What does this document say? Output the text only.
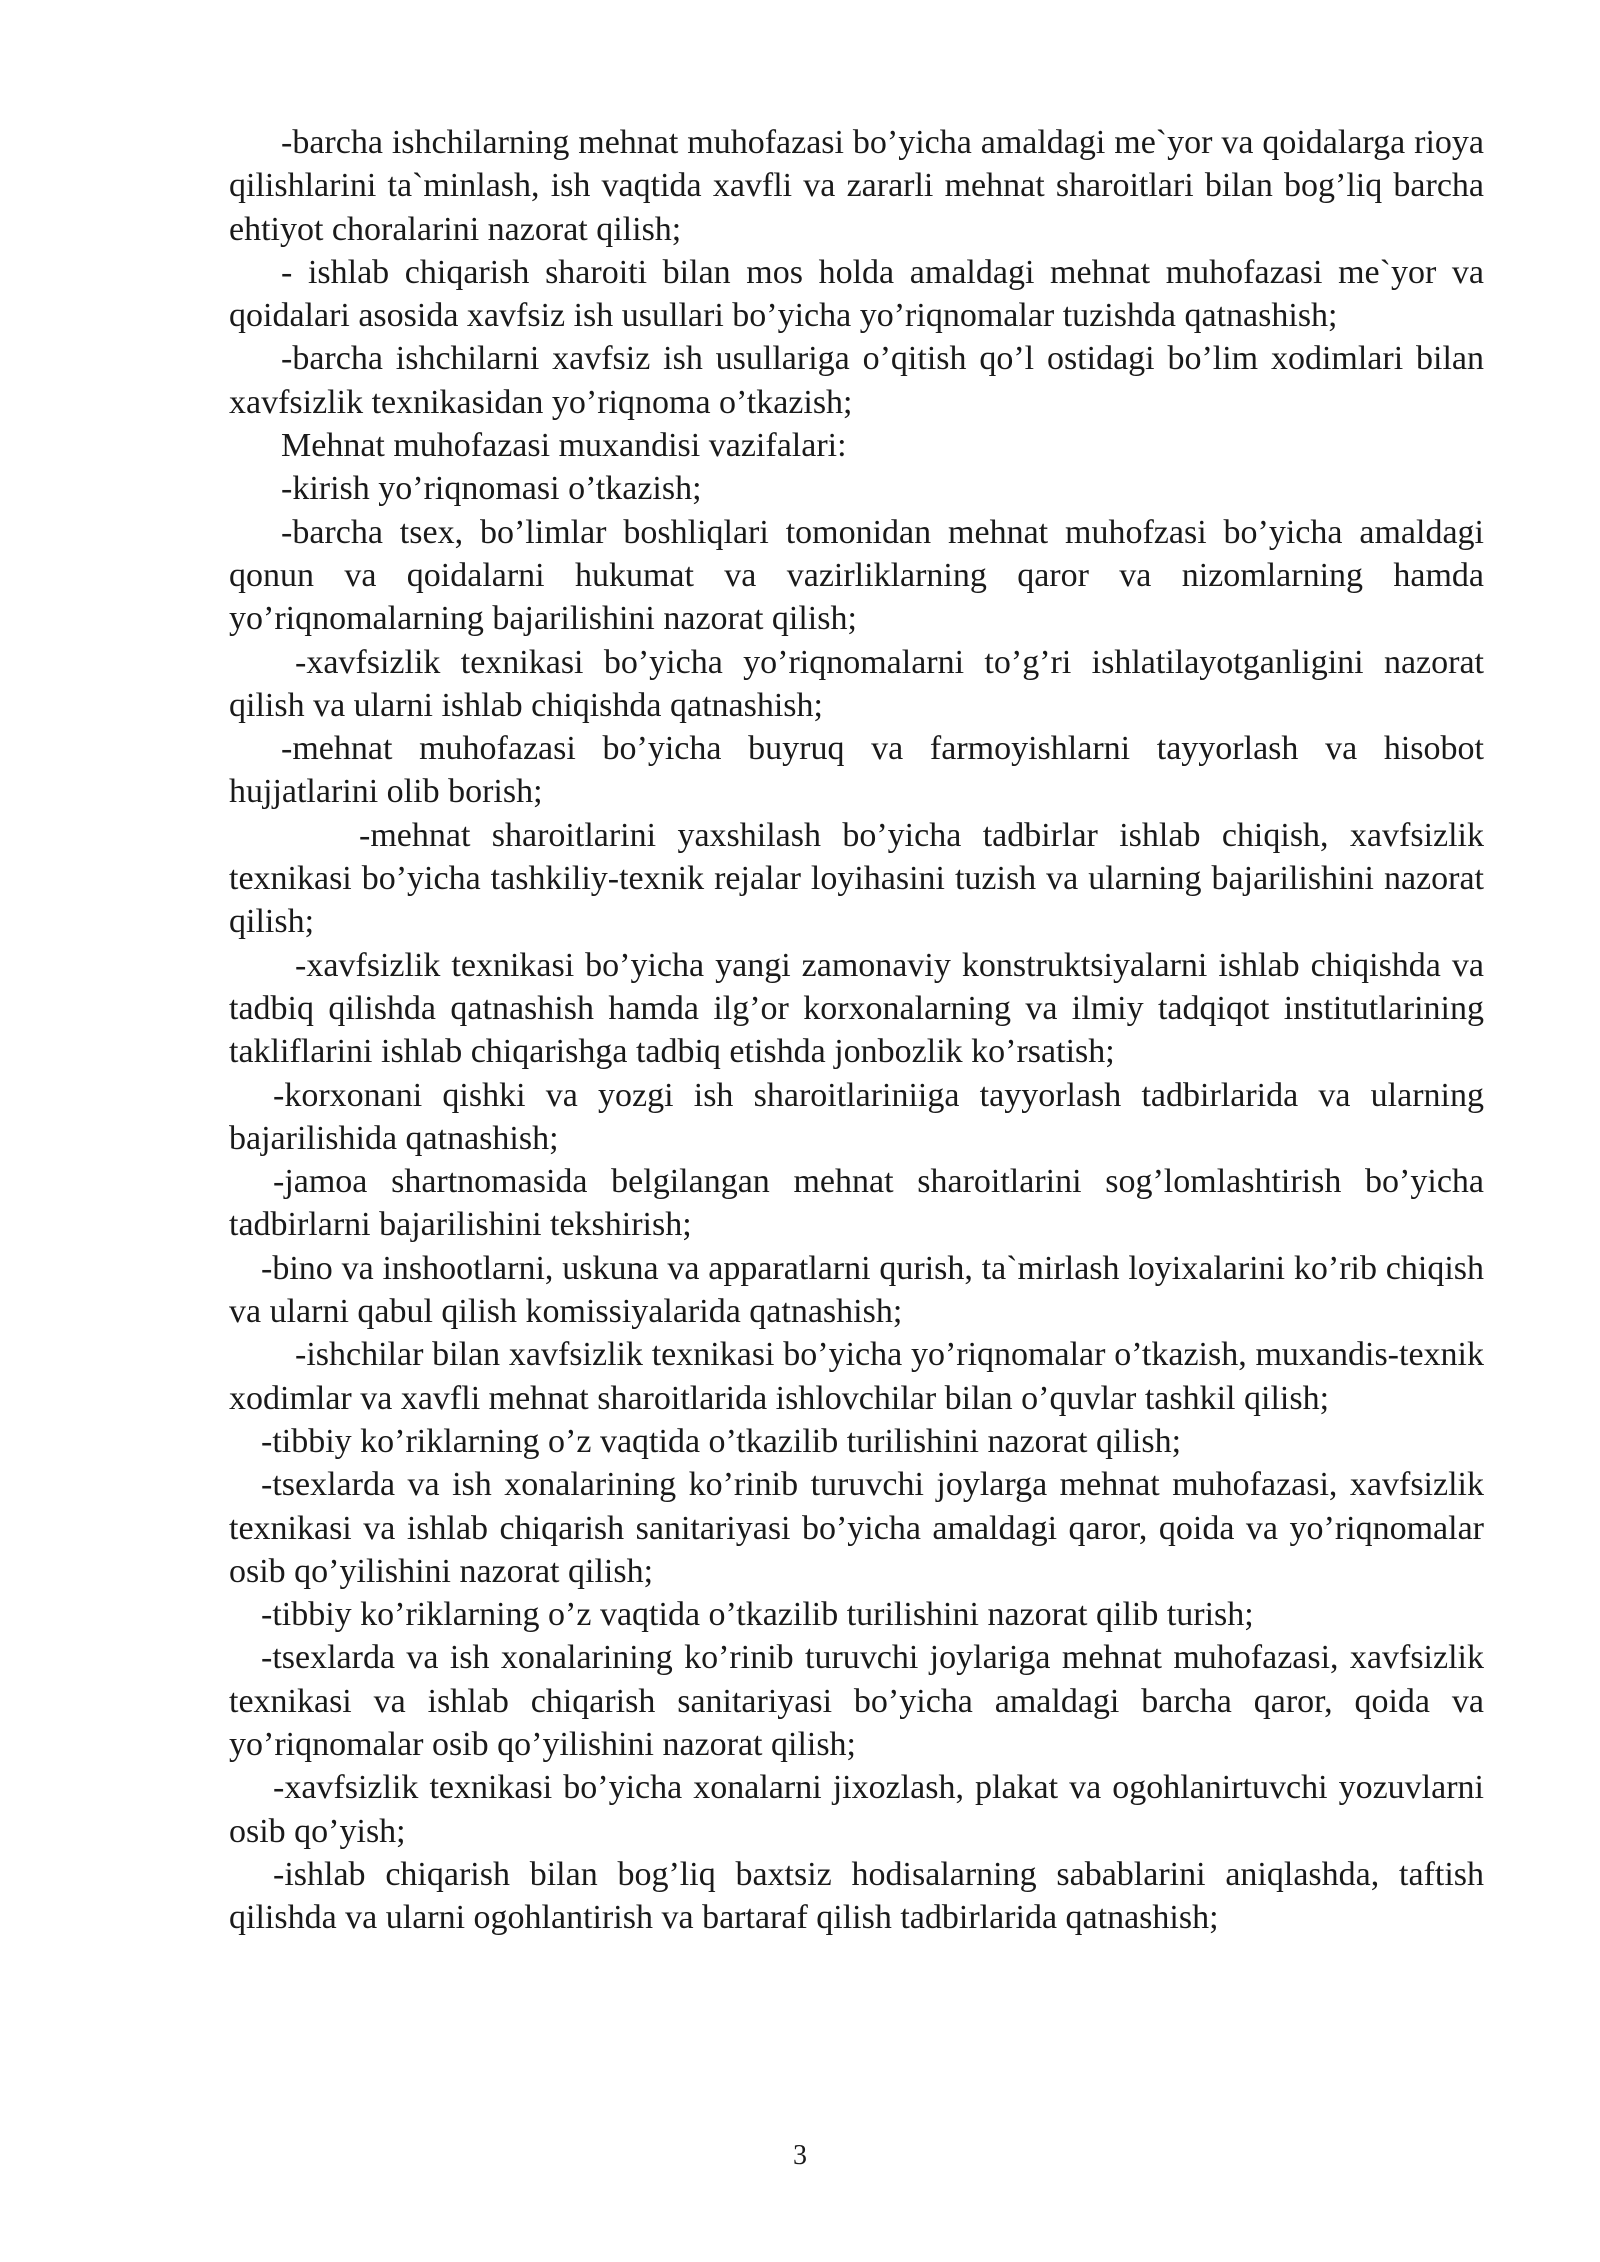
-barcha ishchilarning mehnat muhofazasi bo’yicha amaldagi me`yor va qoidalarga rioya qilishlarini ta`minlash, ish vaqtida xavfli va zararli mehnat sharoitlari bilan bog’liq barcha ehtiyot choralarini nazorat qilish;

- ishlab chiqarish sharoiti bilan mos holda amaldagi mehnat muhofazasi me`yor va qoidalari asosida xavfsiz ish usullari bo’yicha yo’riqnomalar tuzishda qatnashish;

-barcha ishchilarni xavfsiz ish usullariga o’qitish qo’l ostidagi bo’lim xodimlari bilan xavfsizlik texnikasidan yo’riqnoma o’tkazish;

Mehnat muhofazasi muxandisi vazifalari:

-kirish yo’riqnomasi o’tkazish;

-barcha tsex, bo’limlar boshliqlari tomonidan mehnat muhofzasi bo’yicha amaldagi qonun va qoidalarni hukumat va vazirliklarning qaror va nizomlarning hamda yo’riqnomalarning bajarilishini nazorat qilish;

-xavfsizlik texnikasi bo’yicha yo’riqnomalarni to’g’ri ishlatilayotganligini nazorat qilish va ularni ishlab chiqishda qatnashish;

-mehnat muhofazasi bo’yicha buyruq va farmoyishlarni tayyorlash va hisobot hujjatlarini olib borish;

-mehnat sharoitlarini yaxshilash bo’yicha tadbirlar ishlab chiqish, xavfsizlik texnikasi bo’yicha tashkiliy-texnik rejalar loyihasini tuzish va ularning bajarilishini nazorat qilish;

-xavfsizlik texnikasi bo’yicha yangi zamonaviy konstruktsiyalarni ishlab chiqishda va tadbiq qilishda qatnashish hamda ilg’or korxonalarning va ilmiy tadqiqot institutlarining takliflarini ishlab chiqarishga tadbiq etishda jonbozlik ko’rsatish;

-korxonani qishki va yozgi ish sharoitlariniiga tayyorlash tadbirlarida va ularning bajarilishida qatnashish;

-jamoa shartnomasida belgilangan mehnat sharoitlarini sog’lomlashtirish bo’yicha tadbirlarni bajarilishini tekshirish;

-bino va inshootlarni, uskuna va apparatlarni qurish, ta`mirlash loyixalarini ko’rib chiqish va ularni qabul qilish komissiyalarida qatnashish;

-ishchilar bilan xavfsizlik texnikasi bo’yicha yo’riqnomalar o’tkazish, muxandis-texnik xodimlar va xavfli mehnat sharoitlarida ishlovchilar bilan o’quvlar tashkil qilish;

-tibbiy ko’riklarning o’z vaqtida o’tkazilib turilishini nazorat qilish;

-tsexlarda va ish xonalarining ko’rinib turuvchi joylarga mehnat muhofazasi, xavfsizlik texnikasi va ishlab chiqarish sanitariyasi bo’yicha amaldagi qaror, qoida va yo’riqnomalar osib qo’yilishini nazorat qilish;

-tibbiy ko’riklarning o’z vaqtida o’tkazilib turilishini nazorat qilib turish;

-tsexlarda va ish xonalarining ko’rinib turuvchi joylariga mehnat muhofazasi, xavfsizlik texnikasi va ishlab chiqarish sanitariyasi bo’yicha amaldagi barcha qaror, qoida va yo’riqnomalar osib qo’yilishini nazorat qilish;

-xavfsizlik texnikasi bo’yicha xonalarni jixozlash, plakat va ogohlanirtuvchi yozuvlarni osib qo’yish;

-ishlab chiqarish bilan bog’liq baxtsiz hodisalarning sabablarini aniqlashda, taftish qilishda va ularni ogohlantirish va bartaraf qilish tadbirlarida qatnashish;

3
